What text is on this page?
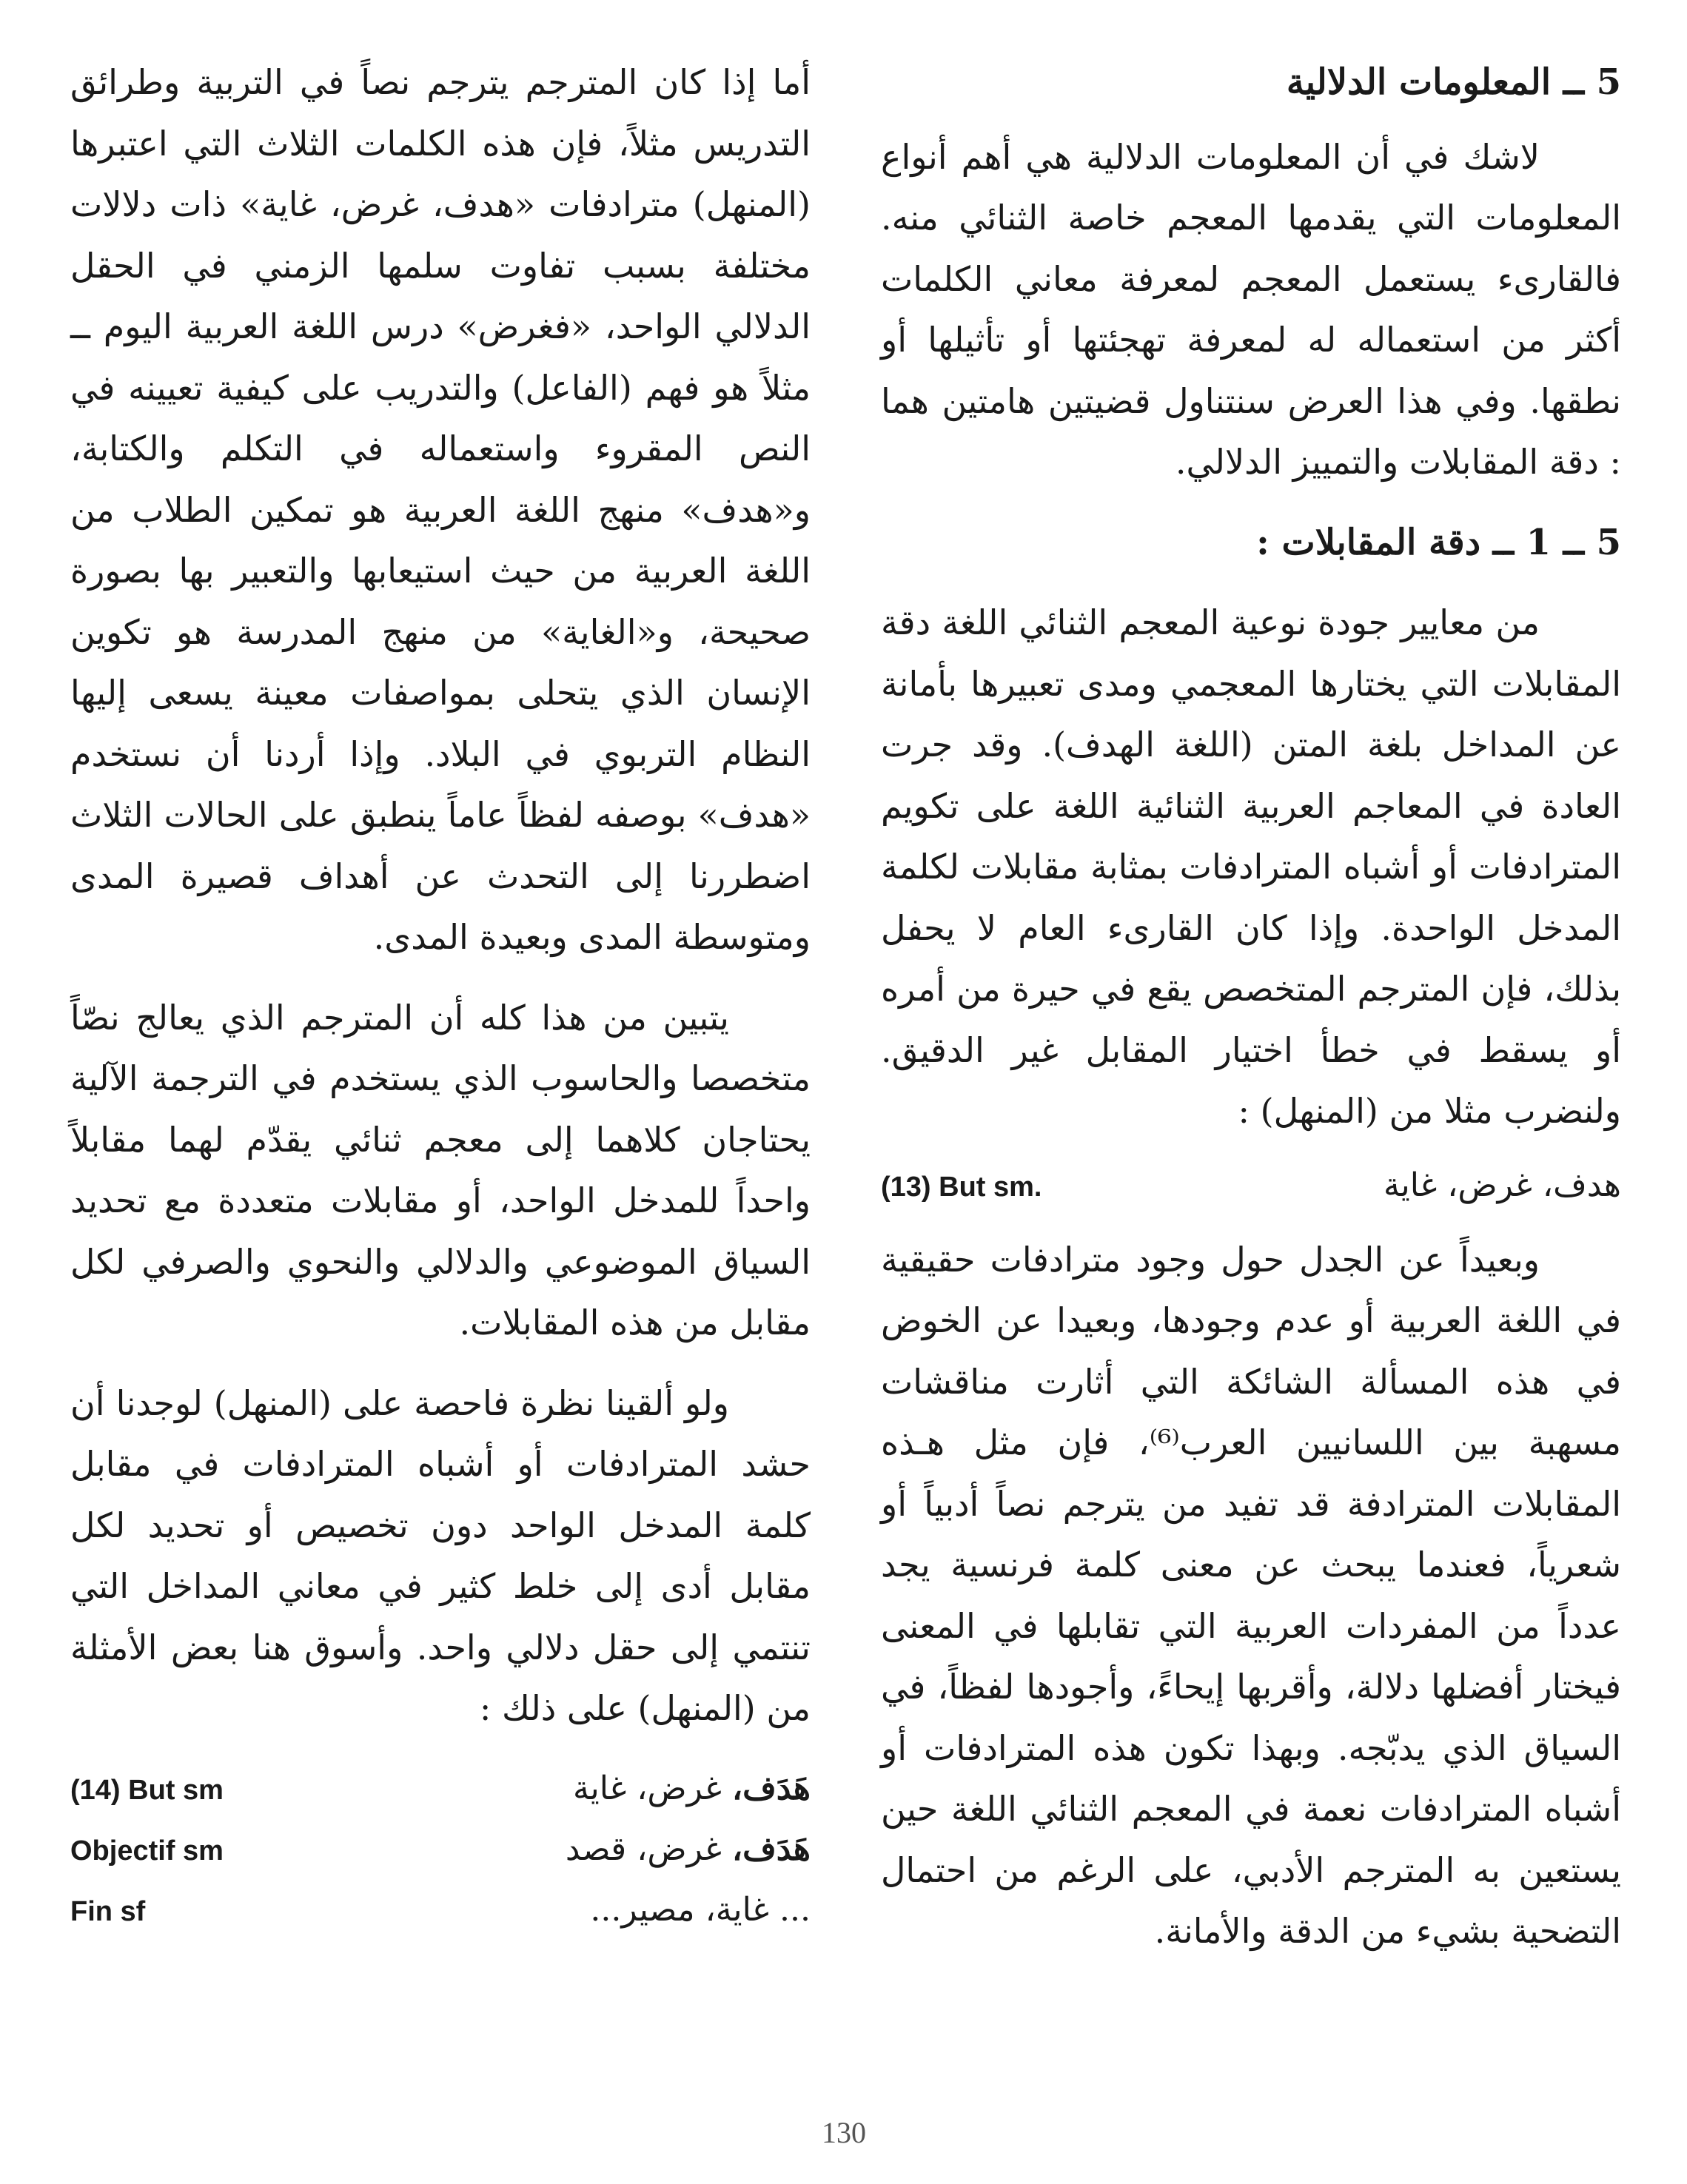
5 ــ المعلومات الدلالية

لاشك في أن المعلومات الدلالية هي أهم أنواع المعلومات التي يقدمها المعجم خاصة الثنائي منه. فالقارىء يستعمل المعجم لمعرفة معاني الكلمات أكثر من استعماله له لمعرفة تهجئتها أو تأثيلها أو نطقها. وفي هذا العرض سنتناول قضيتين هامتين هما : دقة المقابلات والتمييز الدلالي.

5 ــ 1 ــ دقة المقابلات :

من معايير جودة نوعية المعجم الثنائي اللغة دقة المقابلات التي يختارها المعجمي ومدى تعبيرها بأمانة عن المداخل بلغة المتن (اللغة الهدف). وقد جرت العادة في المعاجم العربية الثنائية اللغة على تكويم المترادفات أو أشباه المترادفات بمثابة مقابلات لكلمة المدخل الواحدة. وإذا كان القارىء العام لا يحفل بذلك، فإن المترجم المتخصص يقع في حيرة من أمره أو يسقط في خطأ اختيار المقابل غير الدقيق. ولنضرب مثلا من (المنهل) :

هدف، غرض، غاية
(13) But sm.

وبعيداً عن الجدل حول وجود مترادفات حقيقية في اللغة العربية أو عدم وجودها، وبعيدا عن الخوض في هذه المسألة الشائكة التي أثارت مناقشات مسهبة بين اللسانيين العرب⁽⁶⁾، فإن مثل هـذه المقابلات المترادفة قد تفيد من يترجم نصاً أدبياً أو شعرياً، فعندما يبحث عن معنى كلمة فرنسية يجد عدداً من المفردات العربية التي تقابلها في المعنى فيختار أفضلها دلالة، وأقربها إيحاءً، وأجودها لفظاً، في السياق الذي يدبّجه. وبهذا تكون هذه المترادفات أو أشباه المترادفات نعمة في المعجم الثنائي اللغة حين يستعين به المترجم الأدبي، على الرغم من احتمال التضحية بشيء من الدقة والأمانة.

أما إذا كان المترجم يترجم نصاً في التربية وطرائق التدريس مثلاً، فإن هذه الكلمات الثلاث التي اعتبرها (المنهل) مترادفات «هدف، غرض، غاية» ذات دلالات مختلفة بسبب تفاوت سلمها الزمني في الحقل الدلالي الواحد، «فغرض» درس اللغة العربية اليوم ــ مثلاً هو فهم (الفاعل) والتدريب على كيفية تعيينه في النص المقروء واستعماله في التكلم والكتابة، و«هدف» منهج اللغة العربية هو تمكين الطلاب من اللغة العربية من حيث استيعابها والتعبير بها بصورة صحيحة، و«الغاية» من منهج المدرسة هو تكوين الإنسان الذي يتحلى بمواصفات معينة يسعى إليها النظام التربوي في البلاد. وإذا أردنا أن نستخدم «هدف» بوصفه لفظاً عاماً ينطبق على الحالات الثلاث اضطررنا إلى التحدث عن أهداف قصيرة المدى ومتوسطة المدى وبعيدة المدى.

يتبين من هذا كله أن المترجم الذي يعالج نصّاً متخصصا والحاسوب الذي يستخدم في الترجمة الآلية يحتاجان كلاهما إلى معجم ثنائي يقدّم لهما مقابلاً واحداً للمدخل الواحد، أو مقابلات متعددة مع تحديد السياق الموضوعي والدلالي والنحوي والصرفي لكل مقابل من هذه المقابلات.

ولو ألقينا نظرة فاحصة على (المنهل) لوجدنا أن حشد المترادفات أو أشباه المترادفات في مقابل كلمة المدخل الواحد دون تخصيص أو تحديد لكل مقابل أدى إلى خلط كثير في معاني المداخل التي تنتمي إلى حقل دلالي واحد. وأسوق هنا بعض الأمثلة من (المنهل) على ذلك :

هَدَف، غرض، غاية
(14) But sm
هَدَف، غرض، قصد
Objectif sm
... غاية، مصير...
Fin sf
130
